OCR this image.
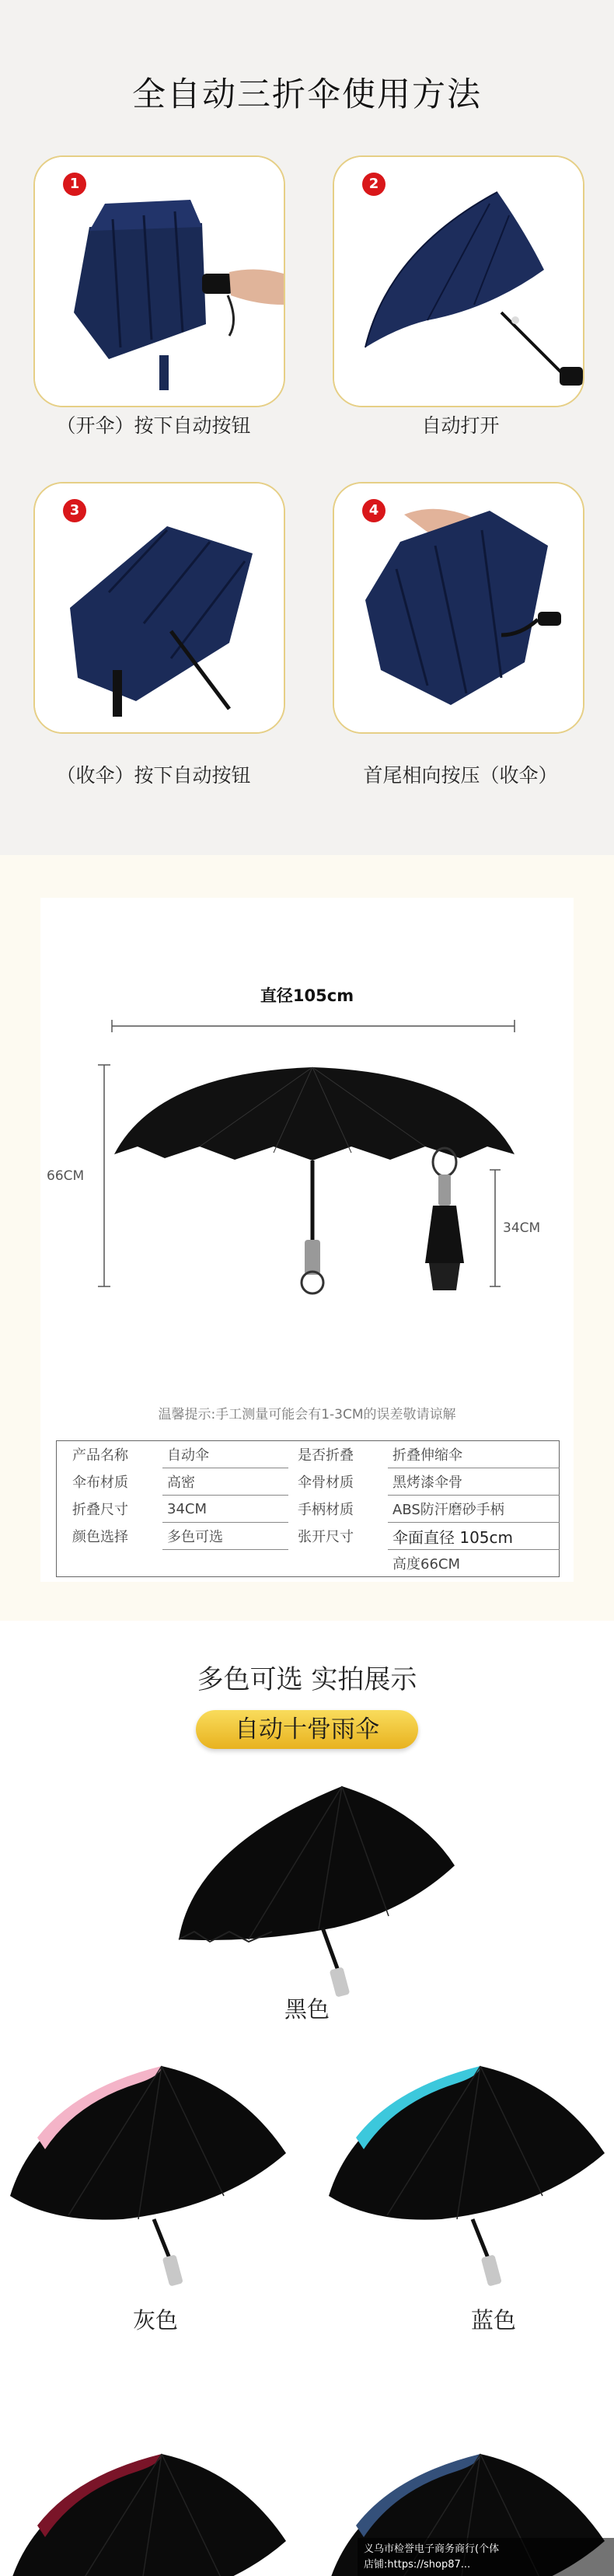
全自动三折伞使用方法
1
（开伞）按下自动按钮
2
自动打开
3
（收伞）按下自动按钮
4
首尾相向按压（收伞）
直径105cm
66CM
34CM
温馨提示:手工测量可能会有1-3CM的误差敬请谅解
产品名称	自动伞	是否折叠	折叠伸缩伞
伞布材质	高密	伞骨材质	黑烤漆伞骨
折叠尺寸	34CM	手柄材质	ABS防汗磨砂手柄
颜色选择	多色可选	张开尺寸	伞面直径 105cm
			高度66CM
多色可选 实拍展示
自动十骨雨伞
黑色
灰色	蓝色
义乌市检誉电子商务商行(个体
店铺:https://shop87...
